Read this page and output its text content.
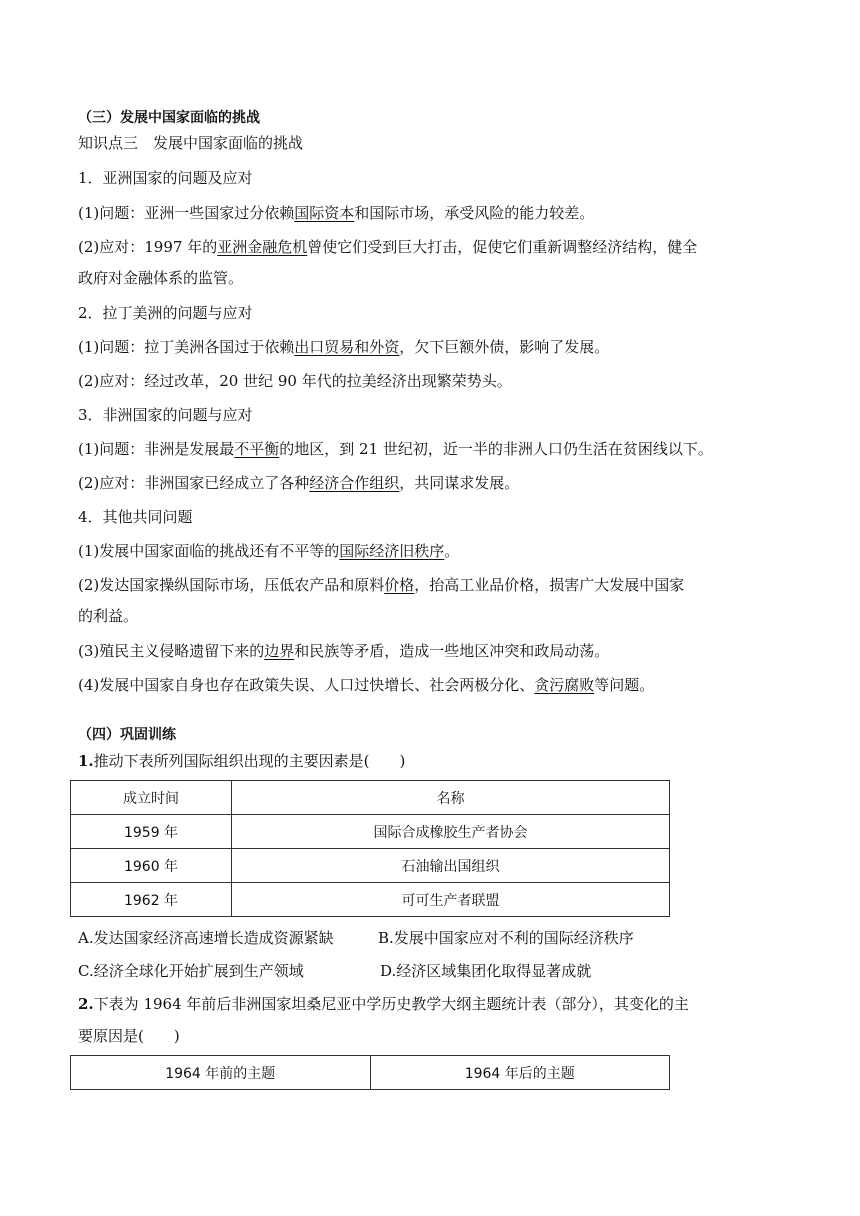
（三）发展中国家面临的挑战
知识点三　发展中国家面临的挑战
1．亚洲国家的问题及应对
(1)问题：亚洲一些国家过分依赖国际资本和国际市场，承受风险的能力较差。
(2)应对：1997 年的亚洲金融危机曾使它们受到巨大打击，促使它们重新调整经济结构，健全
政府对金融体系的监管。
2．拉丁美洲的问题与应对
(1)问题：拉丁美洲各国过于依赖出口贸易和外资，欠下巨额外债，影响了发展。
(2)应对：经过改革，20 世纪 90 年代的拉美经济出现繁荣势头。
3．非洲国家的问题与应对
(1)问题：非洲是发展最不平衡的地区，到 21 世纪初，近一半的非洲人口仍生活在贫困线以下。
(2)应对：非洲国家已经成立了各种经济合作组织，共同谋求发展。
4．其他共同问题
(1)发展中国家面临的挑战还有不平等的国际经济旧秩序。
(2)发达国家操纵国际市场，压低农产品和原料价格，抬高工业品价格，损害广大发展中国家
的利益。
(3)殖民主义侵略遗留下来的边界和民族等矛盾，造成一些地区冲突和政局动荡。
(4)发展中国家自身也存在政策失误、人口过快增长、社会两极分化、贪污腐败等问题。
（四）巩固训练
1.推动下表所列国际组织出现的主要因素是(　　)
成立时间	名称
1959 年	国际合成橡胶生产者协会
1960 年	石油输出国组织
1962 年	可可生产者联盟
A.发达国家经济高速增长造成资源紧缺	B.发展中国家应对不利的国际经济秩序
C.经济全球化开始扩展到生产领域	D.经济区域集团化取得显著成就
2.下表为 1964 年前后非洲国家坦桑尼亚中学历史教学大纲主题统计表（部分），其变化的主
要原因是(　　)
1964 年前的主题	1964 年后的主题
